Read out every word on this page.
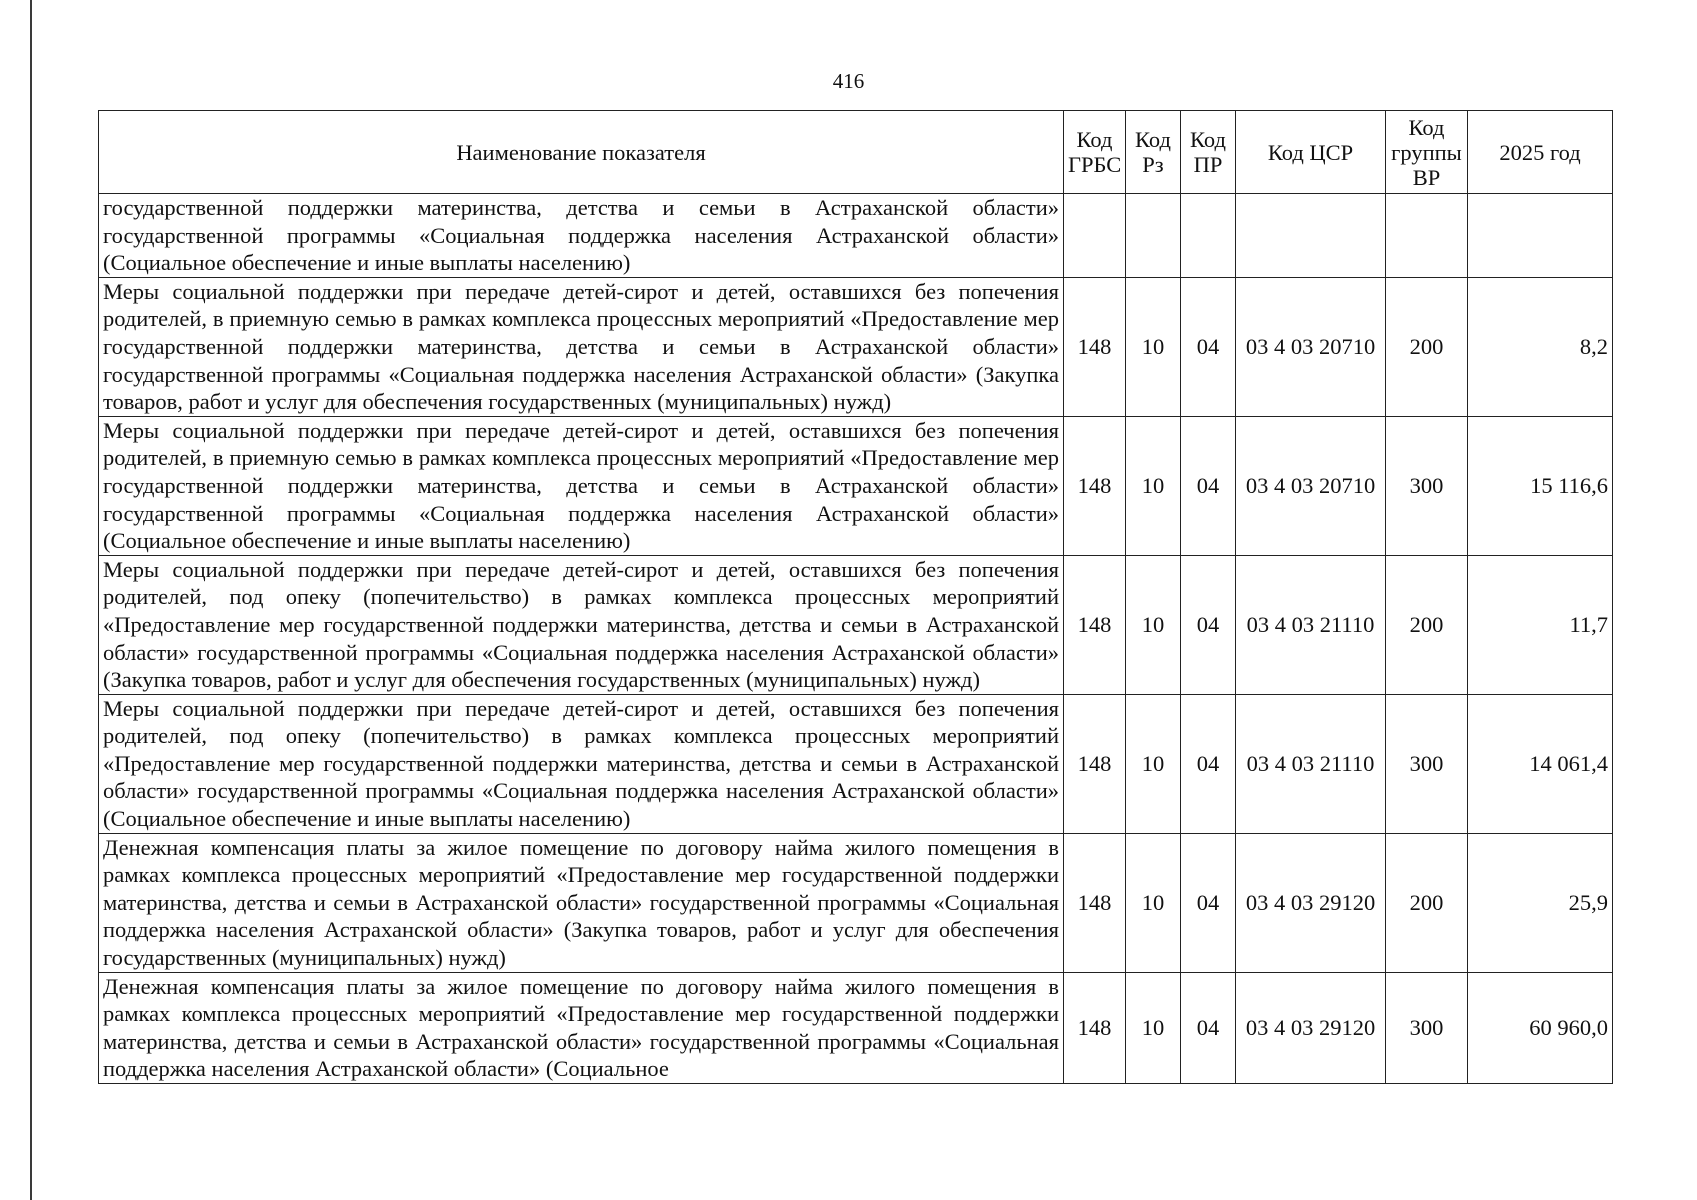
416
Наименование показателя	Код ГРБС	Код Рз	Код ПР	Код ЦСР	Код группы ВР	2025 год
государственной поддержки материнства, детства и семьи в Астраханской области» государственной программы «Социальная поддержка населения Астраханской области» (Социальное обеспечение и иные выплаты населению)						
Меры социальной поддержки при передаче детей-сирот и детей, оставшихся без попечения родителей, в приемную семью в рамках комплекса процессных мероприятий «Предоставление мер государственной поддержки материнства, детства и семьи в Астраханской области» государственной программы «Социальная поддержка населения Астраханской области» (Закупка товаров, работ и услуг для обеспечения государственных (муниципальных) нужд)	148	10	04	03 4 03 20710	200	8,2
Меры социальной поддержки при передаче детей-сирот и детей, оставшихся без попечения родителей, в приемную семью в рамках комплекса процессных мероприятий «Предоставление мер государственной поддержки материнства, детства и семьи в Астраханской области» государственной программы «Социальная поддержка населения Астраханской области» (Социальное обеспечение и иные выплаты населению)	148	10	04	03 4 03 20710	300	15 116,6
Меры социальной поддержки при передаче детей-сирот и детей, оставшихся без попечения родителей, под опеку (попечительство) в рамках комплекса процессных мероприятий «Предоставление мер государственной поддержки материнства, детства и семьи в Астраханской области» государственной программы «Социальная поддержка населения Астраханской области» (Закупка товаров, работ и услуг для обеспечения государственных (муниципальных) нужд)	148	10	04	03 4 03 21110	200	11,7
Меры социальной поддержки при передаче детей-сирот и детей, оставшихся без попечения родителей, под опеку (попечительство) в рамках комплекса процессных мероприятий «Предоставление мер государственной поддержки материнства, детства и семьи в Астраханской области» государственной программы «Социальная поддержка населения Астраханской области» (Социальное обеспечение и иные выплаты населению)	148	10	04	03 4 03 21110	300	14 061,4
Денежная компенсация платы за жилое помещение по договору найма жилого помещения в рамках комплекса процессных мероприятий «Предоставление мер государственной поддержки материнства, детства и семьи в Астраханской области» государственной программы «Социальная поддержка населения Астраханской области» (Закупка товаров, работ и услуг для обеспечения государственных (муниципальных) нужд)	148	10	04	03 4 03 29120	200	25,9

Денежная компенсация платы за жилое помещение по договору найма жилого помещения в рамках комплекса процессных мероприятий «Предоставление мер государственной поддержки материнства, детства и семьи в Астраханской области» государственной программы «Социальная поддержка населения Астраханской области» (Социальное	148	10	04	03 4 03 29120	300	60 960,0
